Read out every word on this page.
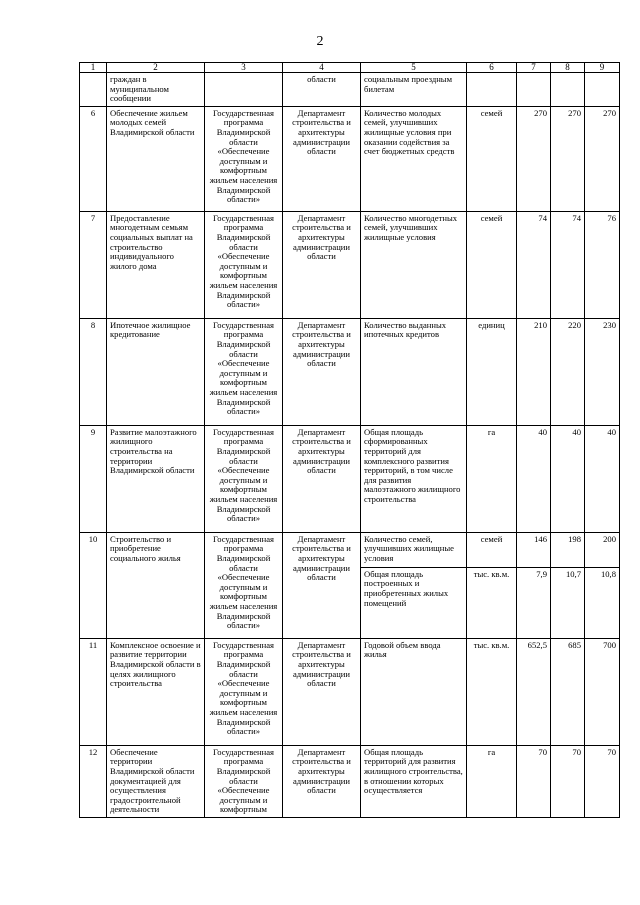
2
1	2	3	4	5	6	7	8	9
	граждан в муниципальном сообщении		области	социальным проездным билетам				
6	Обеспечение жильем молодых семей Владимирской области	Государственная программа Владимирской области «Обеспечение доступным и комфортным жильем населения Владимирской области»	Департамент строительства и архитектуры администрации области	Количество молодых семей, улучшивших жилищные условия при оказании содействия за счет бюджетных средств	семей	270	270	270
7	Предоставление многодетным семьям социальных выплат на строительство индивидуального жилого дома	Государственная программа Владимирской области «Обеспечение доступным и комфортным жильем населения Владимирской области»	Департамент строительства и архитектуры администрации области	Количество многодетных семей, улучшивших жилищные условия	семей	74	74	76
8	Ипотечное жилищное кредитование	Государственная программа Владимирской области «Обеспечение доступным и комфортным жильем населения Владимирской области»	Департамент строительства и архитектуры администрации области	Количество выданных ипотечных кредитов	единиц	210	220	230
9	Развитие малоэтажного жилищного строительства на территории Владимирской области	Государственная программа Владимирской области «Обеспечение доступным и комфортным жильем населения Владимирской области»	Департамент строительства и архитектуры администрации области	Общая площадь сформированных территорий для комплексного развития территорий, в том числе для развития малоэтажного жилищного строительства	га	40	40	40
10	Строительство и приобретение социального жилья	Государственная программа Владимирской области «Обеспечение доступным и комфортным жильем населения Владимирской области»	Департамент строительства и архитектуры администрации области	Количество семей, улучшивших жилищные условия	семей	146	198	200
				Общая площадь построенных и приобретенных жилых помещений	тыс. кв.м.	7,9	10,7	10,8
11	Комплексное освоение и развитие территории Владимирской области в целях жилищного строительства	Государственная программа Владимирской области «Обеспечение доступным и комфортным жильем населения Владимирской области»	Департамент строительства и архитектуры администрации области	Годовой объем ввода жилья	тыс. кв.м.	652,5	685	700
12	Обеспечение территории Владимирской области документацией для осуществления градостроительной деятельности	Государственная программа Владимирской области «Обеспечение доступным и комфортным	Департамент строительства и архитектуры администрации области	Общая площадь территорий для развития жилищного строительства, в отношении которых осуществляется	га	70	70	70
